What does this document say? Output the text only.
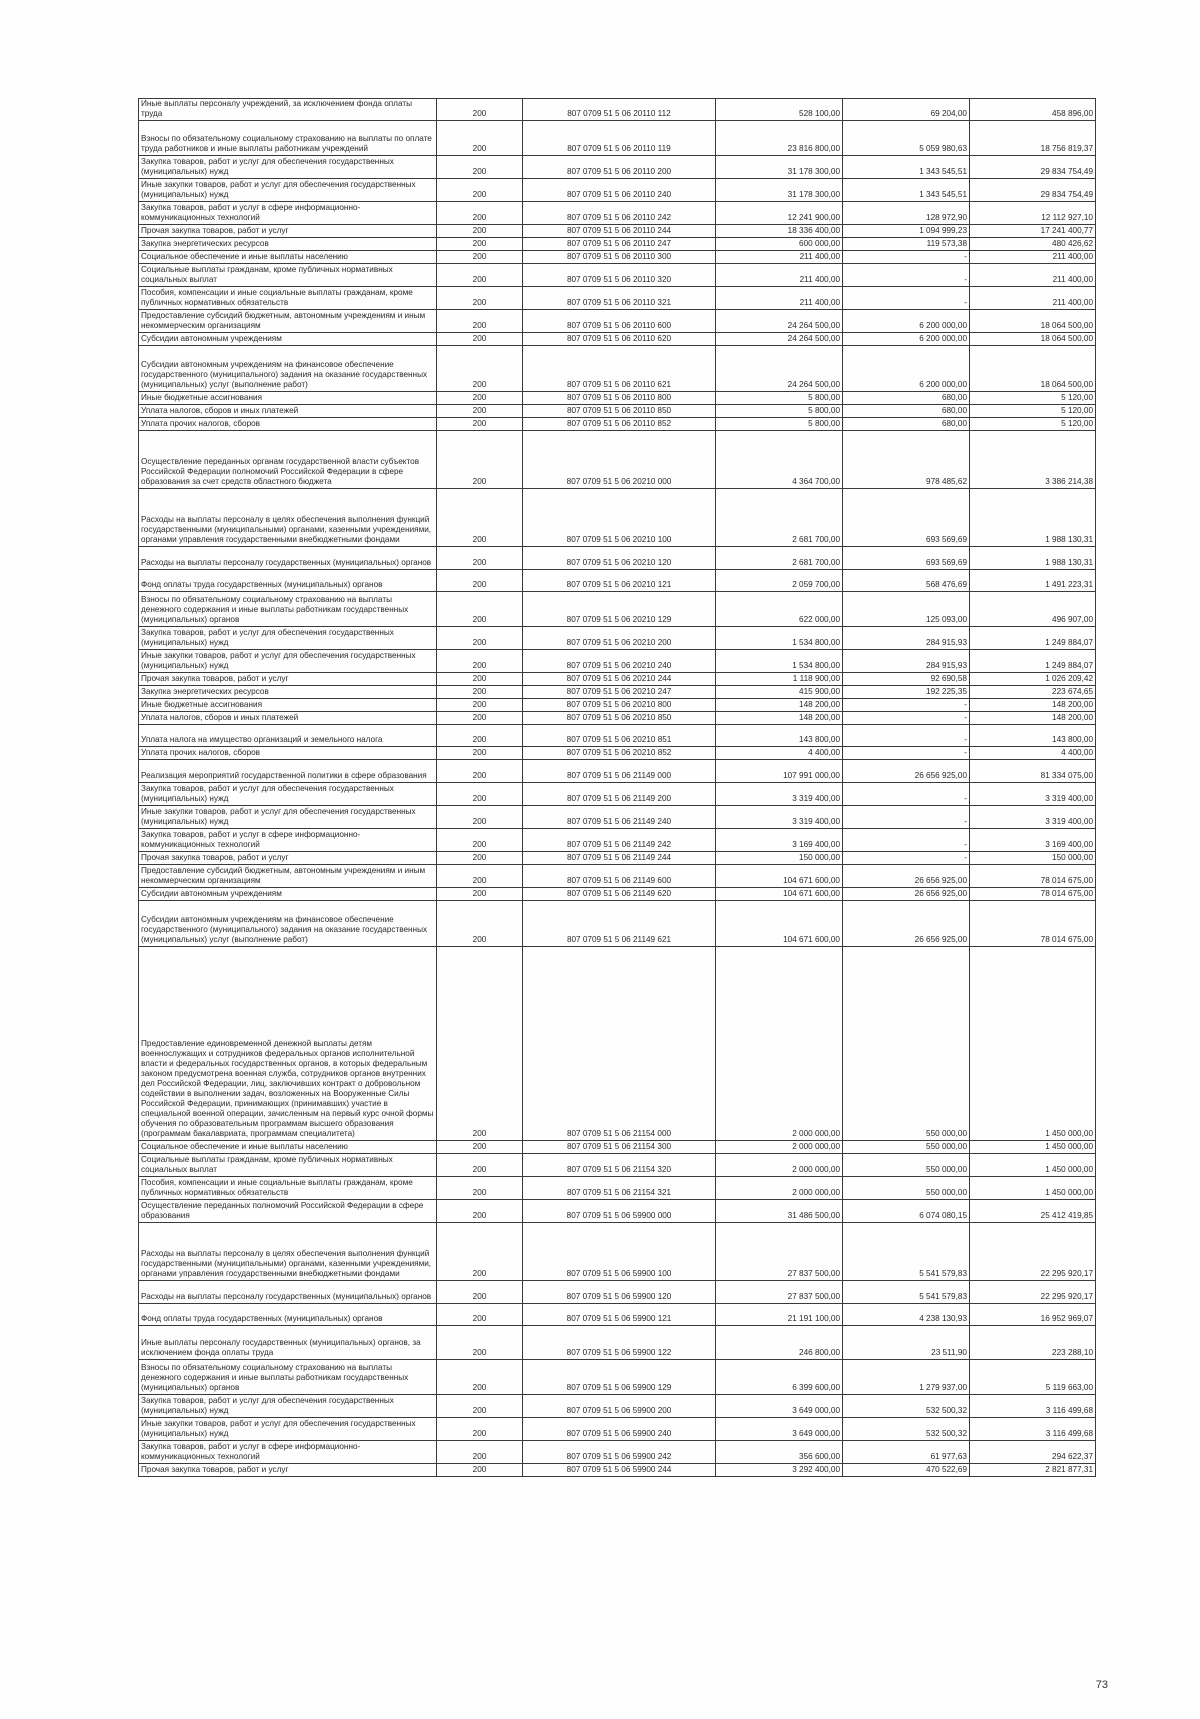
Иные выплаты персоналу учреждений, за исключением фонда оплаты труда	200	807 0709 51 5 06 20110 112	528 100,00	69 204,00	458 896,00
Взносы по обязательному социальному страхованию на выплаты по оплате труда работников и иные выплаты работникам учреждений	200	807 0709 51 5 06 20110 119	23 816 800,00	5 059 980,63	18 756 819,37
Закупка товаров, работ и услуг для обеспечения государственных (муниципальных) нужд	200	807 0709 51 5 06 20110 200	31 178 300,00	1 343 545,51	29 834 754,49
Иные закупки товаров, работ и услуг для обеспечения государственных (муниципальных) нужд	200	807 0709 51 5 06 20110 240	31 178 300,00	1 343 545,51	29 834 754,49
Закупка товаров, работ и услуг в сфере информационно-коммуникационных технологий	200	807 0709 51 5 06 20110 242	12 241 900,00	128 972,90	12 112 927,10
Прочая закупка товаров, работ и услуг	200	807 0709 51 5 06 20110 244	18 336 400,00	1 094 999,23	17 241 400,77
Закупка энергетических ресурсов	200	807 0709 51 5 06 20110 247	600 000,00	119 573,38	480 426,62
Социальное обеспечение и иные выплаты населению	200	807 0709 51 5 06 20110 300	211 400,00	-	211 400,00
Социальные выплаты гражданам, кроме публичных нормативных социальных выплат	200	807 0709 51 5 06 20110 320	211 400,00	-	211 400,00
Пособия, компенсации и иные социальные выплаты гражданам, кроме публичных нормативных обязательств	200	807 0709 51 5 06 20110 321	211 400,00	-	211 400,00
Предоставление субсидий бюджетным, автономным учреждениям и иным некоммерческим организациям	200	807 0709 51 5 06 20110 600	24 264 500,00	6 200 000,00	18 064 500,00
Субсидии автономным учреждениям	200	807 0709 51 5 06 20110 620	24 264 500,00	6 200 000,00	18 064 500,00
Субсидии автономным учреждениям на финансовое обеспечение государственного (муниципального) задания на оказание государственных (муниципальных) услуг (выполнение работ)	200	807 0709 51 5 06 20110 621	24 264 500,00	6 200 000,00	18 064 500,00
Иные бюджетные ассигнования	200	807 0709 51 5 06 20110 800	5 800,00	680,00	5 120,00
Уплата налогов, сборов и иных платежей	200	807 0709 51 5 06 20110 850	5 800,00	680,00	5 120,00
Уплата прочих налогов, сборов	200	807 0709 51 5 06 20110 852	5 800,00	680,00	5 120,00
Осуществление переданных органам государственной власти субъектов Российской Федерации полномочий Российской Федерации в сфере образования за счет средств областного бюджета	200	807 0709 51 5 06 20210 000	4 364 700,00	978 485,62	3 386 214,38
Расходы на выплаты персоналу в целях обеспечения выполнения функций государственными (муниципальными) органами, казенными учреждениями, органами управления государственными внебюджетными фондами	200	807 0709 51 5 06 20210 100	2 681 700,00	693 569,69	1 988 130,31
Расходы на выплаты персоналу государственных (муниципальных) органов	200	807 0709 51 5 06 20210 120	2 681 700,00	693 569,69	1 988 130,31
Фонд оплаты труда государственных (муниципальных) органов	200	807 0709 51 5 06 20210 121	2 059 700,00	568 476,69	1 491 223,31
Взносы по обязательному социальному страхованию на выплаты денежного содержания и иные выплаты работникам государственных (муниципальных) органов	200	807 0709 51 5 06 20210 129	622 000,00	125 093,00	496 907,00
Закупка товаров, работ и услуг для обеспечения государственных (муниципальных) нужд	200	807 0709 51 5 06 20210 200	1 534 800,00	284 915,93	1 249 884,07
Иные закупки товаров, работ и услуг для обеспечения государственных (муниципальных) нужд	200	807 0709 51 5 06 20210 240	1 534 800,00	284 915,93	1 249 884,07
Прочая закупка товаров, работ и услуг	200	807 0709 51 5 06 20210 244	1 118 900,00	92 690,58	1 026 209,42
Закупка энергетических ресурсов	200	807 0709 51 5 06 20210 247	415 900,00	192 225,35	223 674,65
Иные бюджетные ассигнования	200	807 0709 51 5 06 20210 800	148 200,00	-	148 200,00
Уплата налогов, сборов и иных платежей	200	807 0709 51 5 06 20210 850	148 200,00	-	148 200,00
Уплата налога на имущество организаций и земельного налога	200	807 0709 51 5 06 20210 851	143 800,00	-	143 800,00
Уплата прочих налогов, сборов	200	807 0709 51 5 06 20210 852	4 400,00	-	4 400,00
Реализация мероприятий государственной политики в сфере образования	200	807 0709 51 5 06 21149 000	107 991 000,00	26 656 925,00	81 334 075,00
Закупка товаров, работ и услуг для обеспечения государственных (муниципальных) нужд	200	807 0709 51 5 06 21149 200	3 319 400,00	-	3 319 400,00
Иные закупки товаров, работ и услуг для обеспечения государственных (муниципальных) нужд	200	807 0709 51 5 06 21149 240	3 319 400,00	-	3 319 400,00
Закупка товаров, работ и услуг в сфере информационно-коммуникационных технологий	200	807 0709 51 5 06 21149 242	3 169 400,00	-	3 169 400,00
Прочая закупка товаров, работ и услуг	200	807 0709 51 5 06 21149 244	150 000,00	-	150 000,00
Предоставление субсидий бюджетным, автономным учреждениям и иным некоммерческим организациям	200	807 0709 51 5 06 21149 600	104 671 600,00	26 656 925,00	78 014 675,00
Субсидии автономным учреждениям	200	807 0709 51 5 06 21149 620	104 671 600,00	26 656 925,00	78 014 675,00
Субсидии автономным учреждениям на финансовое обеспечение государственного (муниципального) задания на оказание государственных (муниципальных) услуг (выполнение работ)	200	807 0709 51 5 06 21149 621	104 671 600,00	26 656 925,00	78 014 675,00
Предоставление единовременной денежной выплаты детям военнослужащих и сотрудников федеральных органов исполнительной власти и федеральных государственных органов, в которых федеральным законом предусмотрена военная служба, сотрудников органов внутренних дел Российской Федерации, лиц, заключивших контракт о добровольном содействии в выполнении задач, возложенных на Вооруженные Силы Российской Федерации, принимающих (принимавших) участие в специальной военной операции, зачисленным на первый курс очной формы обучения по образовательным программам высшего образования (программам бакалавриата, программам специалитета)	200	807 0709 51 5 06 21154 000	2 000 000,00	550 000,00	1 450 000,00
Социальное обеспечение и иные выплаты населению	200	807 0709 51 5 06 21154 300	2 000 000,00	550 000,00	1 450 000,00
Социальные выплаты гражданам, кроме публичных нормативных социальных выплат	200	807 0709 51 5 06 21154 320	2 000 000,00	550 000,00	1 450 000,00
Пособия, компенсации и иные социальные выплаты гражданам, кроме публичных нормативных обязательств	200	807 0709 51 5 06 21154 321	2 000 000,00	550 000,00	1 450 000,00
Осуществление переданных полномочий Российской Федерации в сфере образования	200	807 0709 51 5 06 59900 000	31 486 500,00	6 074 080,15	25 412 419,85
Расходы на выплаты персоналу в целях обеспечения выполнения функций государственными (муниципальными) органами, казенными учреждениями, органами управления государственными внебюджетными фондами	200	807 0709 51 5 06 59900 100	27 837 500,00	5 541 579,83	22 295 920,17
Расходы на выплаты персоналу государственных (муниципальных) органов	200	807 0709 51 5 06 59900 120	27 837 500,00	5 541 579,83	22 295 920,17
Фонд оплаты труда государственных (муниципальных) органов	200	807 0709 51 5 06 59900 121	21 191 100,00	4 238 130,93	16 952 969,07
Иные выплаты персоналу государственных (муниципальных) органов, за исключением фонда оплаты труда	200	807 0709 51 5 06 59900 122	246 800,00	23 511,90	223 288,10
Взносы по обязательному социальному страхованию на выплаты денежного содержания и иные выплаты работникам государственных (муниципальных) органов	200	807 0709 51 5 06 59900 129	6 399 600,00	1 279 937,00	5 119 663,00
Закупка товаров, работ и услуг для обеспечения государственных (муниципальных) нужд	200	807 0709 51 5 06 59900 200	3 649 000,00	532 500,32	3 116 499,68
Иные закупки товаров, работ и услуг для обеспечения государственных (муниципальных) нужд	200	807 0709 51 5 06 59900 240	3 649 000,00	532 500,32	3 116 499,68
Закупка товаров, работ и услуг в сфере информационно-коммуникационных технологий	200	807 0709 51 5 06 59900 242	356 600,00	61 977,63	294 622,37
Прочая закупка товаров, работ и услуг	200	807 0709 51 5 06 59900 244	3 292 400,00	470 522,69	2 821 877,31
73
